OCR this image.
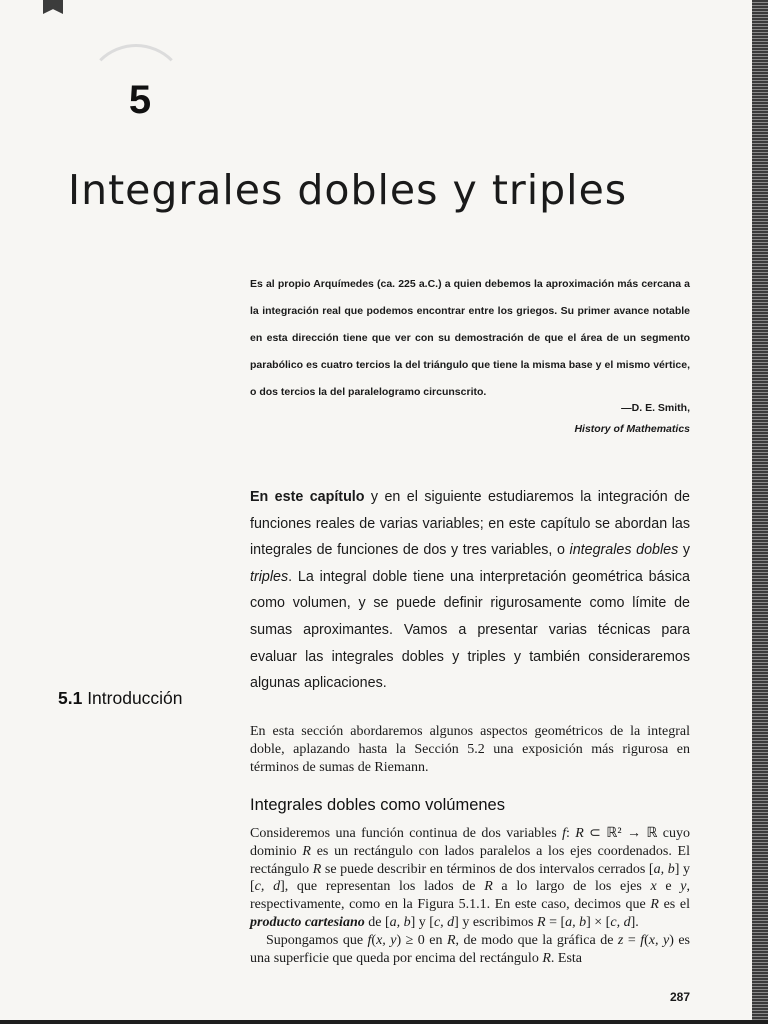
5
Integrales dobles y triples

Es al propio Arquímedes (ca. 225 a.C.) a quien debemos la aproximación más cercana a la integración real que podemos encontrar entre los griegos. Su primer avance notable en esta dirección tiene que ver con su demostración de que el área de un segmento parabólico es cuatro tercios la del triángulo que tiene la misma base y el mismo vértice, o dos tercios la del paralelogramo circunscrito.

—D. E. Smith,
History of Mathematics

En este capítulo y en el siguiente estudiaremos la integración de funciones reales de varias variables; en este capítulo se abordan las integrales de funciones de dos y tres variables, o integrales dobles y triples. La integral doble tiene una interpretación geométrica básica como volumen, y se puede definir rigurosamente como límite de sumas aproximantes. Vamos a presentar varias técnicas para evaluar las integrales dobles y triples y también consideraremos algunas aplicaciones.

5.1 Introducción

En esta sección abordaremos algunos aspectos geométricos de la integral doble, aplazando hasta la Sección 5.2 una exposición más rigurosa en términos de sumas de Riemann.

Integrales dobles como volúmenes

Consideremos una función continua de dos variables f: R ⊂ ℝ² → ℝ cuyo dominio R es un rectángulo con lados paralelos a los ejes coordenados. El rectángulo R se puede describir en términos de dos intervalos cerrados [a, b] y [c, d], que representan los lados de R a lo largo de los ejes x e y, respectivamente, como en la Figura 5.1.1. En este caso, decimos que R es el producto cartesiano de [a, b] y [c, d] y escribimos R = [a, b] × [c, d].
Supongamos que f(x, y) ≥ 0 en R, de modo que la gráfica de z = f(x, y) es una superficie que queda por encima del rectángulo R. Esta

287
